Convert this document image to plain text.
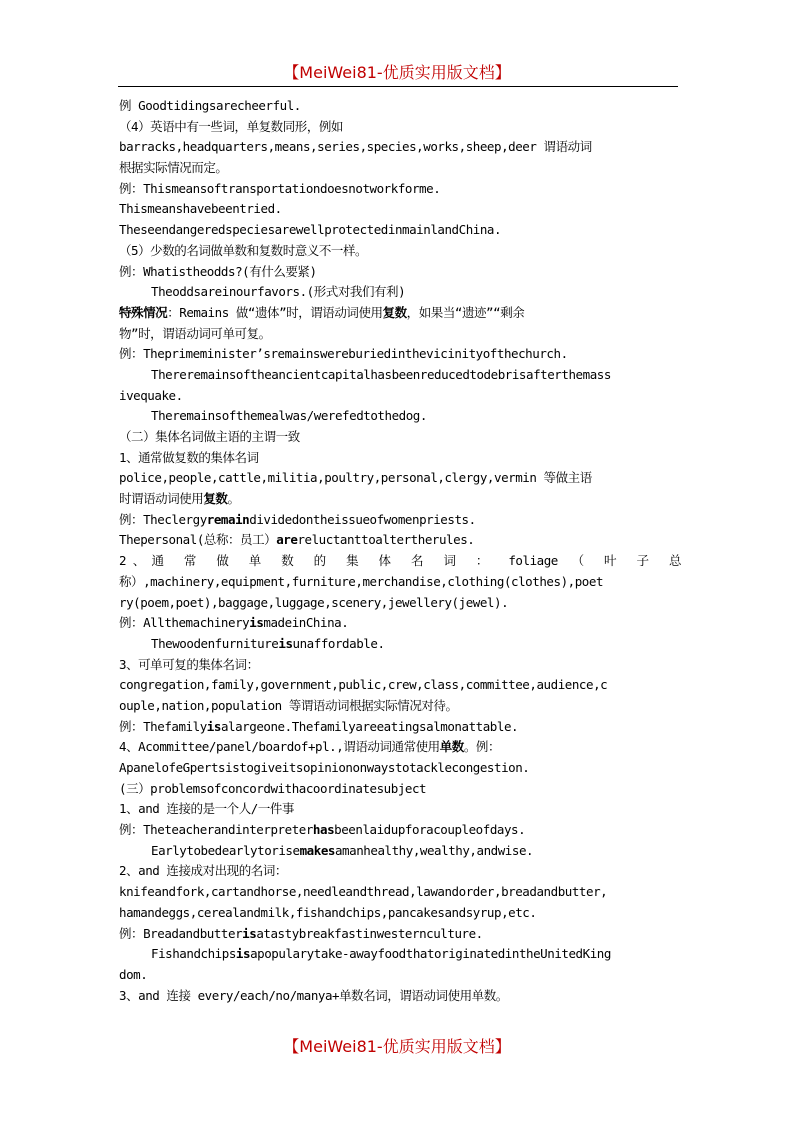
【MeiWei81-优质实用版文档】
例 Goodtidingsarecheerful.
（4）英语中有一些词，单复数同形，例如
barracks,headquarters,means,series,species,works,sheep,deer 谓语动词
根据实际情况而定。
例：Thismeansoftransportationdoesnotworkforme.
Thismeanshavebeentried.
TheseendangeredspeciesarewellprotectedinmainlandChina.
（5）少数的名词做单数和复数时意义不一样。
例：Whatistheodds?(有什么要紧)
Theoddsareinourfavors.(形式对我们有利)
特殊情况：Remains 做“遗体”时，谓语动词使用复数，如果当“遗迹”“剩余
物”时，谓语动词可单可复。
例：Theprimeminister’sremainswereburiedinthevicinityofthechurch.
Thereremainsoftheancientcapitalhasbeenreducedtodebrisafterthemass
ivequake.
Theremainsofthemealwas/werefedtothedog.
（二）集体名词做主语的主谓一致
1、通常做复数的集体名词
police,people,cattle,militia,poultry,personal,clergy,vermin 等做主语
时谓语动词使用复数。
例：Theclergyremaindividedontheissueofwomenpriests.
Thepersonal(总称：员工）arereluctanttoaltertherules.
2、通 常 做 单 数 的 集 体 名 词 ： foliage （ 叶 子 总
称）,machinery,equipment,furniture,merchandise,clothing(clothes),poet
ry(poem,poet),baggage,luggage,scenery,jewellery(jewel).
例：AllthemachineryismadeinChina.
Thewoodenfurnitureisunaffordable.
3、可单可复的集体名词：
congregation,family,government,public,crew,class,committee,audience,c
ouple,nation,population 等谓语动词根据实际情况对待。
例：Thefamilyisalargeone.Thefamilyareeatingsalmonattable.
4、Acommittee/panel/boardof+pl.,谓语动词通常使用单数。例：
ApanelofeGpertsistogiveitsopiniononwaystotacklecongestion.
(三）problemsofconcordwithacoordinatesubject
1、and 连接的是一个人/一件事
例：Theteacherandinterpreterhasbeenlaidupforacoupleofdays.
Earlytobedearlytorisemakesamanhealthy,wealthy,andwise.
2、and 连接成对出现的名词：
knifeandfork,cartandhorse,needleandthread,lawandorder,breadandbutter,
hamandeggs,cerealandmilk,fishandchips,pancakesandsyrup,etc.
例：Breadandbutterisatastybreakfastinwesternculture.
Fishandchipsisapopularytake-awayfoodthatoriginatedintheUnitedKing
dom.
3、and 连接 every/each/no/manya+单数名词，谓语动词使用单数。
【MeiWei81-优质实用版文档】
